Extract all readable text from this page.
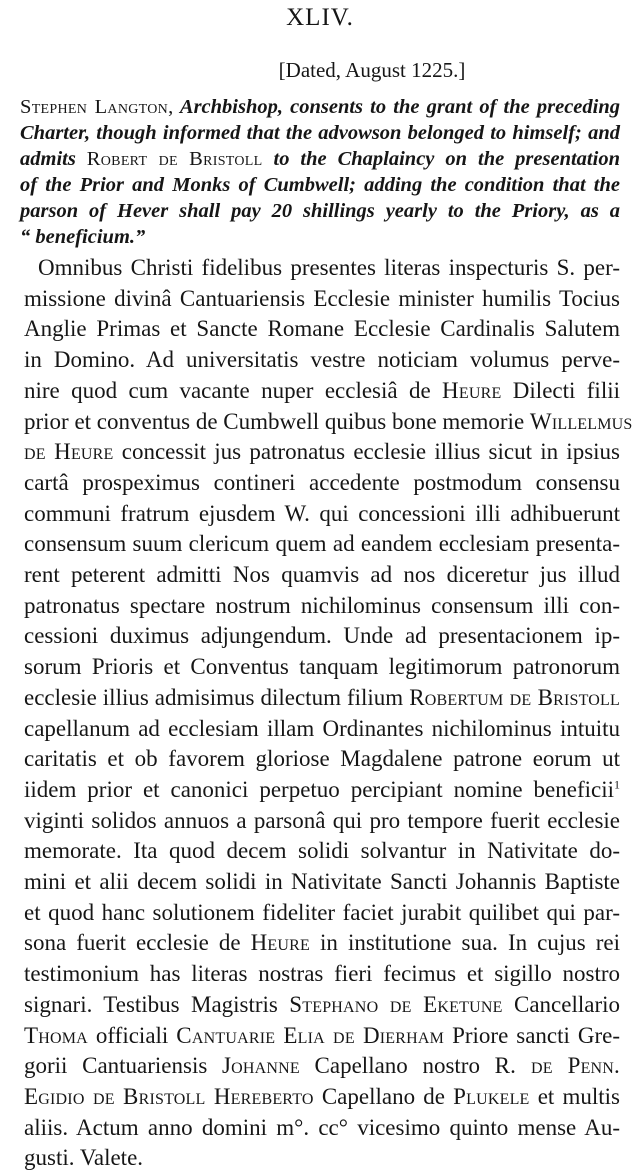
XLIV.
[Dated, August 1225.]
Stephen Langton, Archbishop, consents to the grant of the preceding
Charter, though informed that the advowson belonged to himself; and
admits Robert de Bristoll to the Chaplaincy on the presentation
of the Prior and Monks of Cumbwell; adding the condition that the
parson of Hever shall pay 20 shillings yearly to the Priory, as a
“ beneficium.”
Omnibus Christi fidelibus presentes literas inspecturis S. per-
missione divinâ Cantuariensis Ecclesie minister humilis Tocius
Anglie Primas et Sancte Romane Ecclesie Cardinalis Salutem
in Domino. Ad universitatis vestre noticiam volumus perve-
nire quod cum vacante nuper ecclesiâ de Heure Dilecti filii
prior et conventus de Cumbwell quibus bone memorie Willelmus
de Heure concessit jus patronatus ecclesie illius sicut in ipsius
cartâ prospeximus contineri accedente postmodum consensu
communi fratrum ejusdem W. qui concessioni illi adhibuerunt
consensum suum clericum quem ad eandem ecclesiam presenta-
rent peterent admitti Nos quamvis ad nos diceretur jus illud
patronatus spectare nostrum nichilominus consensum illi con-
cessioni duximus adjungendum. Unde ad presentacionem ip-
sorum Prioris et Conventus tanquam legitimorum patronorum
ecclesie illius admisimus dilectum filium Robertum de Bristoll
capellanum ad ecclesiam illam Ordinantes nichilominus intuitu
caritatis et ob favorem gloriose Magdalene patrone eorum ut
iidem prior et canonici perpetuo percipiant nomine beneficii$^1$
viginti solidos annuos a parsonâ qui pro tempore fuerit ecclesie
memorate. Ita quod decem solidi solvantur in Nativitate do-
mini et alii decem solidi in Nativitate Sancti Johannis Baptiste
et quod hanc solutionem fideliter faciet jurabit quilibet qui par-
sona fuerit ecclesie de Heure in institutione sua. In cujus rei
testimonium has literas nostras fieri fecimus et sigillo nostro
signari. Testibus Magistris Stephano de Eketune Cancellario
Thoma officiali Cantuarie Elia de Dierham Priore sancti Gre-
gorii Cantuariensis Johanne Capellano nostro R. de Penn.
Egidio de Bristoll Hereberto Capellano de Plukele et multis
aliis. Actum anno domini m°. cc° vicesimo quinto mense Au-
gusti. Valete.
